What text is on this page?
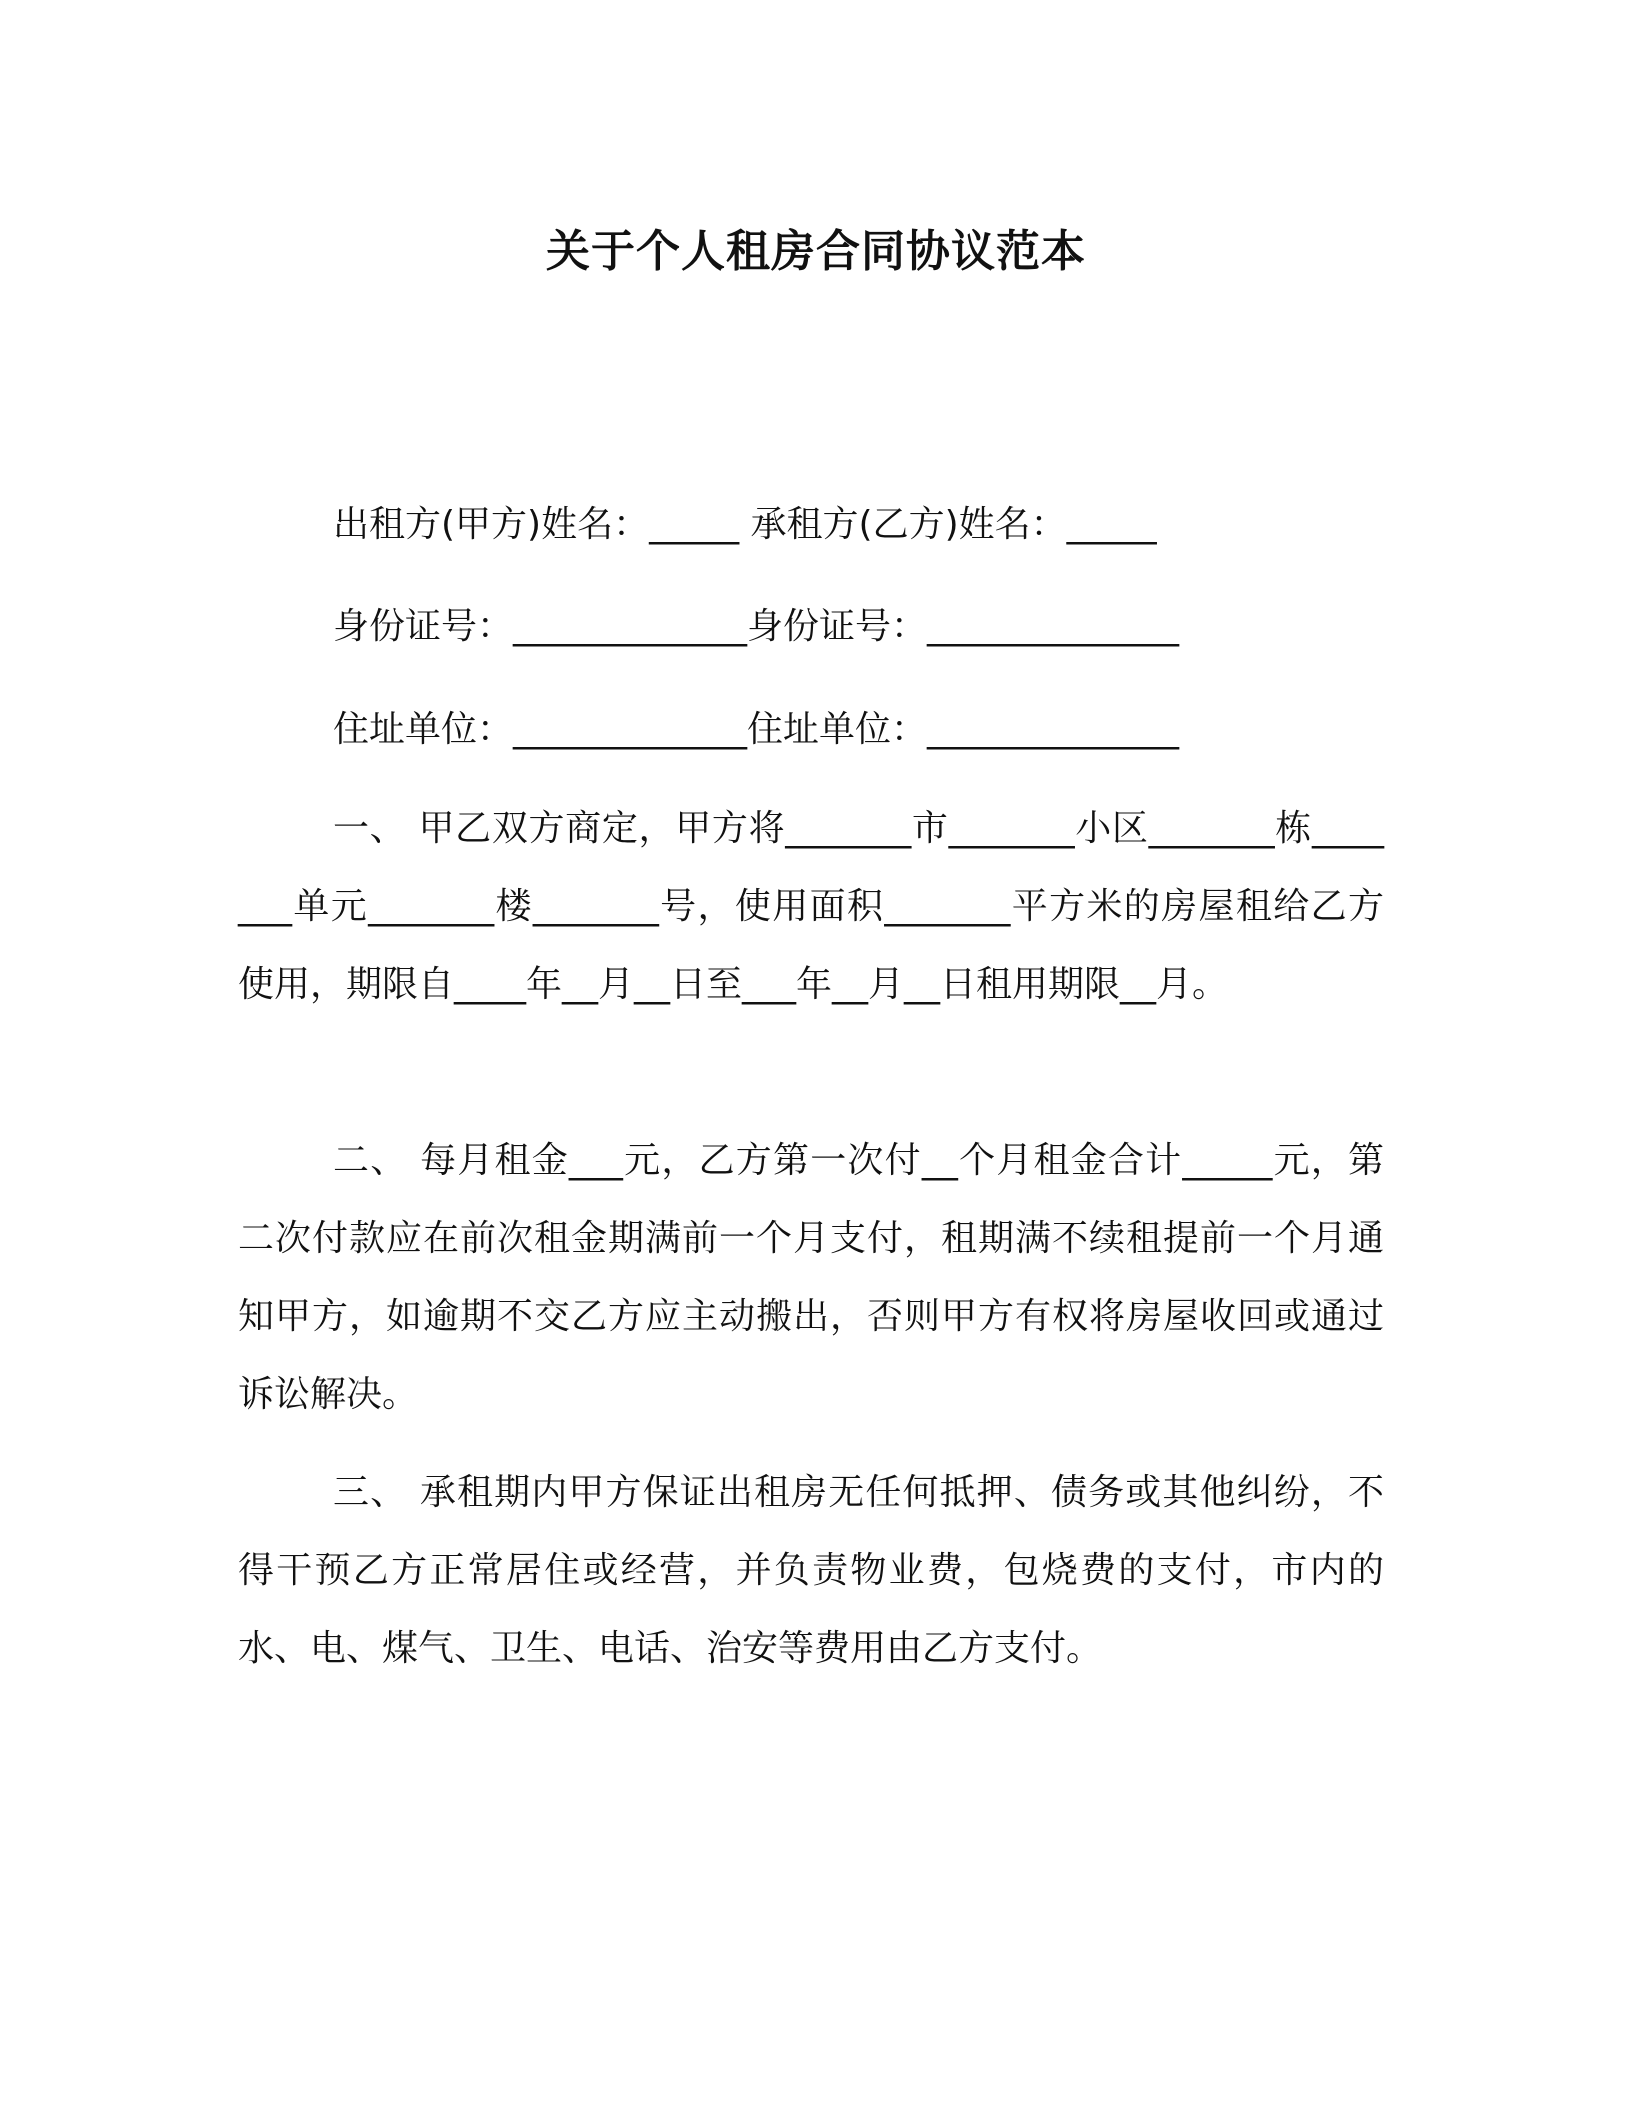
关于个人租房合同协议范本

出租方(甲方)姓名：_____ 承租方(乙方)姓名：_____

身份证号：_____________身份证号：______________

住址单位：_____________住址单位：______________

一、 甲乙双方商定，甲方将_______市_______小区_______栋_______单元_______楼_______号，使用面积_______平方米的房屋租给乙方使用，期限自____年__月__日至___年__月__日租用期限__月。

二、 每月租金___元，乙方第一次付__个月租金合计_____元，第二次付款应在前次租金期满前一个月支付，租期满不续租提前一个月通知甲方，如逾期不交乙方应主动搬出，否则甲方有权将房屋收回或通过诉讼解决。

三、 承租期内甲方保证出租房无任何抵押、债务或其他纠纷，不得干预乙方正常居住或经营，并负责物业费，包烧费的支付，市内的水、电、煤气、卫生、电话、治安等费用由乙方支付。
